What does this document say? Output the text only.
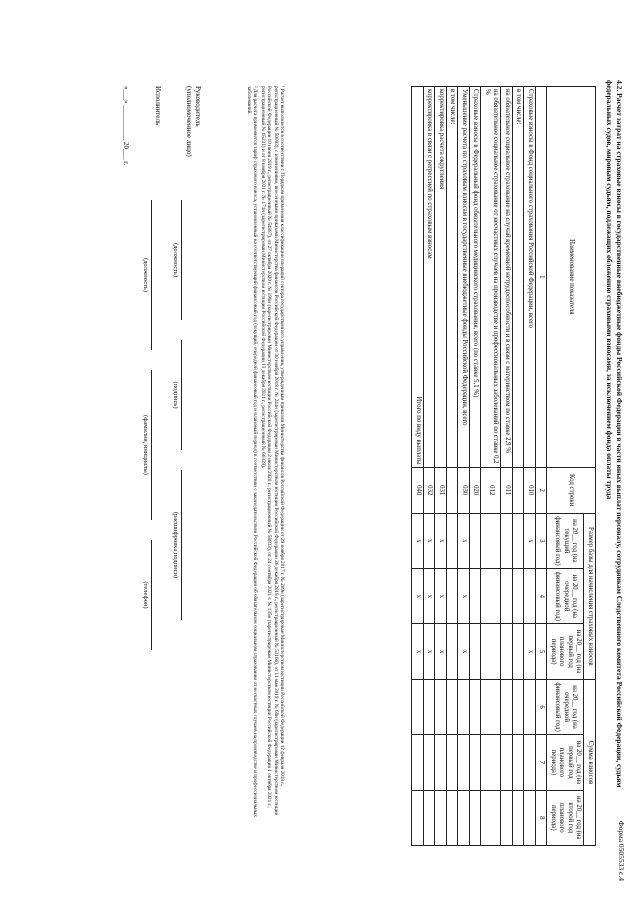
Форма 0505533 с.4
4.2. Расчет затрат на страховые взносы в государственные внебюджетные фонды Российской Федерации в части иных выплат персоналу, сотрудникам Следственного комитета Российской Федерации, судьям федеральных судов, мировым судьям, подлежащих обложению страховыми взносами, за исключением фонда оплаты труда
Наименование показателя	Код строки	Размер базы для начисления страховых взносов			Сумма взносов		
		на 20__ год (на текущий финансовый год)	на 20__ год (на очередной финансовый год)	на 20__ год (на первый год планового периода)	на 20__ год (на очередной финансовый год)	на 20__ год (на первый год планового периода)	на 20__ год (на второй год планового периода)
1	2	3	4	5	6	7	8
Страховые взносы в Фонд социального страхования Российской Федерации, всего	010	x		x			
в том числе:							
на обязательное социальное страхование на случай временной нетрудоспособности и в связи с материнством по ставке 2,9 %	011						
на обязательное социальное страхование от несчастных случаев на производстве и профессиональных заболеваний по ставке 0,2 %	012						
Страховые взносы в Федеральный фонд обязательного медицинского страхования, всего (по ставке 5,1 %)	020						
Уменьшение расчета по страховым взносам в государственные внебюджетные фонды Российской Федерации, всего	030	x	x	x			
в том числе:							
корректировка расчета округления	031	x	x	x			
корректировка в связи с регрессией по страховым взносам	032	x	x	x			
Итого по виду выплаты	040	x	x	x			

¹ Расчет выполняется в соответствии с Порядком применения классификации операций сектора государственного управления, утвержденным приказом Министерства финансов Российской Федерации от 29 ноября 2017 г. № 209н (зарегистрирован Министерством юстиции Российской Федерации 12 февраля 2018 г., регистрационный № 50003), с изменениями, внесенными приказами Министерства финансов Российской Федерации от 30 ноября 2018 г. № 244н (зарегистрирован Министерством юстиции Российской Федерации 26 декабря 2018 г., регистрационный № 53166), от 11 мая 2019 г. № 69н (зарегистрирован Министерством юстиции Российской Федерации 10 июня 2019 г., регистрационный № 54887), от 27 октября 2020 г. № 198н (зарегистрирован Министерством юстиции Российской Федерации 2 июля 2020 г., регистрационный № 58833), от 24 сентября 2021 г. № 135н (зарегистрирован Министерством юстиции Российской Федерации 1 октября 2021 г., регистрационный № 65231) и от 8 ноября 2021 г. № 171н (зарегистрирован Министерством юстиции Российской Федерации 13 декабря 2021 г., регистрационный № 66329).

² Для расчета применяется тариф страхового взноса, установленный на соответствующий финансовый год (текущий, очередной финансовый год и плановый период) в соответствии с законодательством Российской Федерации об обязательном социальном страховании от несчастных случаев на производстве и профессиональных заболеваний.

Руководитель
(уполномоченное лицо)
(должность)
(подпись)
(расшифровка подписи)
Исполнитель
(должность)
(фамилия, инициалы)
(телефон)
«___» __________ 20___ г.
